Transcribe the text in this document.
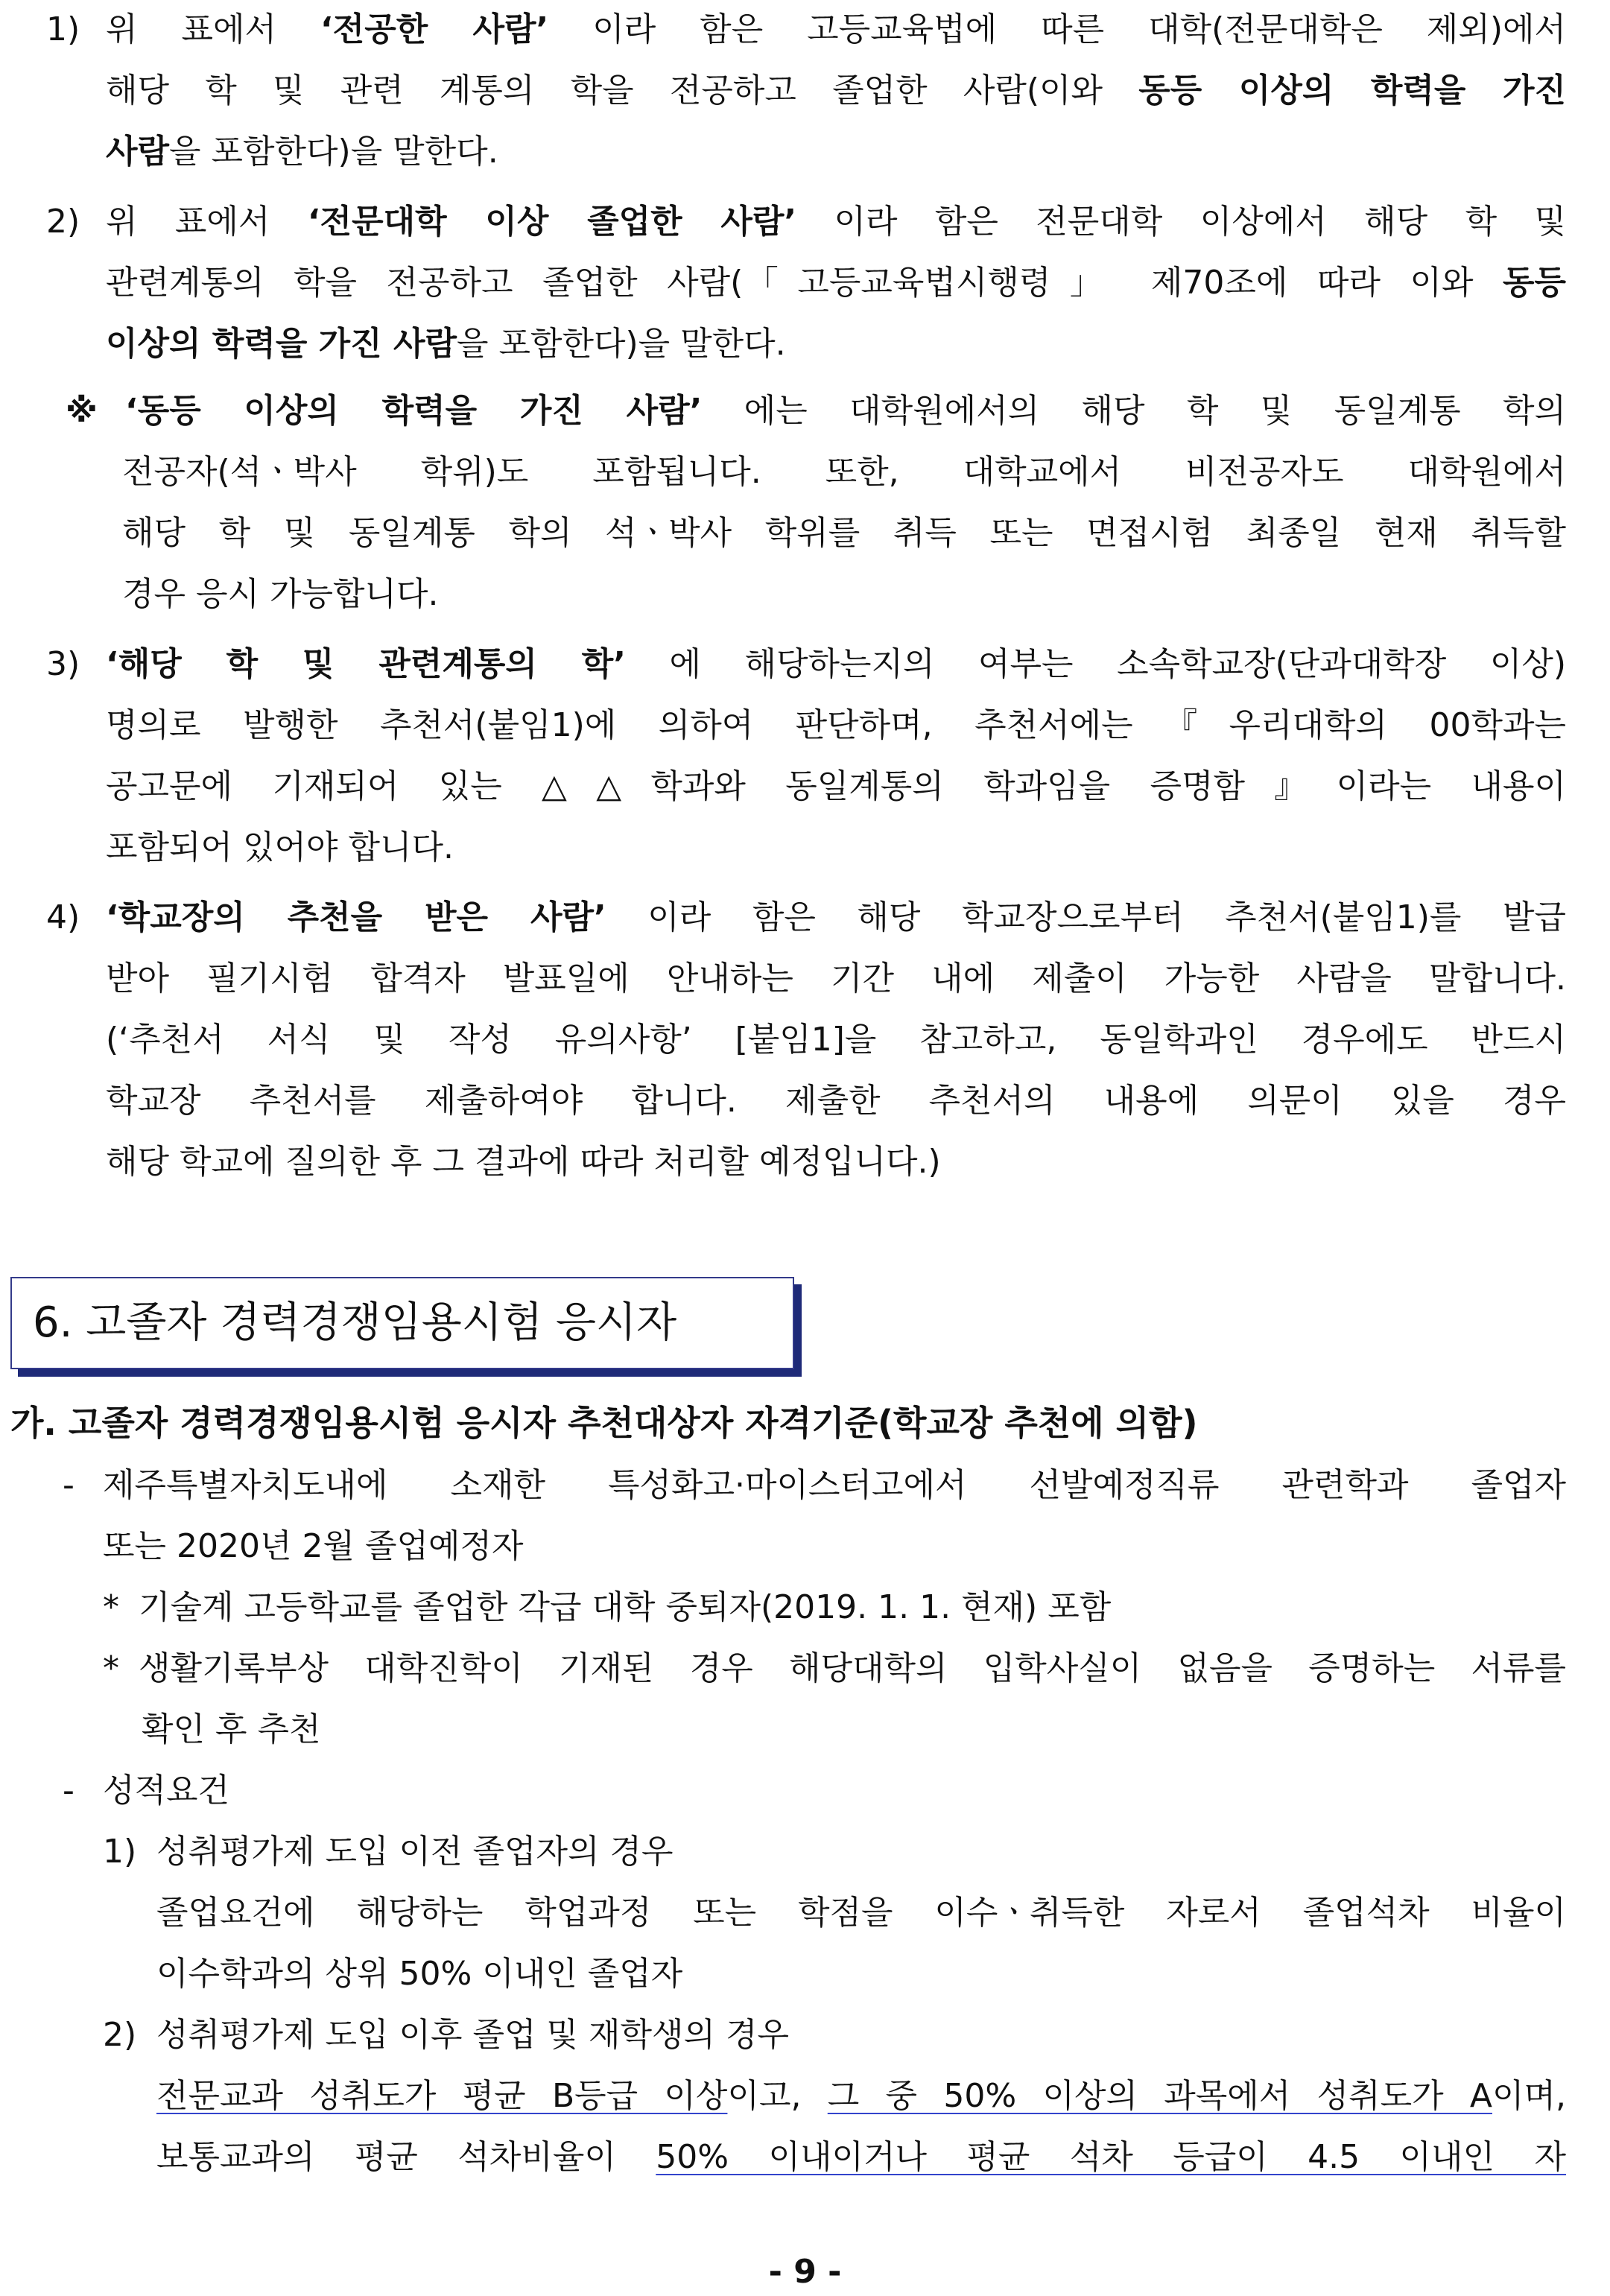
1) 위 표에서 ‘전공한 사람’ 이라 함은 고등교육법에 따른 대학(전문대학은 제외)에서
해당 학 및 관련 계통의 학을 전공하고 졸업한 사람(이와 동등 이상의 학력을 가진
사람을 포함한다)을 말한다.
2) 위 표에서 ‘전문대학 이상 졸업한 사람’ 이라 함은 전문대학 이상에서 해당 학 및
관련계통의 학을 전공하고 졸업한 사람(「고등교육법시행령」 제70조에 따라 이와 동등
이상의 학력을 가진 사람을 포함한다)을 말한다.
※ ‘동등 이상의 학력을 가진 사람’ 에는 대학원에서의 해당 학 및 동일계통 학의
전공자(석ㆍ박사 학위)도 포함됩니다. 또한, 대학교에서 비전공자도 대학원에서
해당 학 및 동일계통 학의 석ㆍ박사 학위를 취득 또는 면접시험 최종일 현재 취득할
경우 응시 가능합니다.
3) ‘해당 학 및 관련계통의 학’ 에 해당하는지의 여부는 소속학교장(단과대학장 이상)
명의로 발행한 추천서(붙임1)에 의하여 판단하며, 추천서에는『우리대학의 00학과는
공고문에 기재되어 있는 △△학과와 동일계통의 학과임을 증명함』이라는 내용이
포함되어 있어야 합니다.
4) ‘학교장의 추천을 받은 사람’ 이라 함은 해당 학교장으로부터 추천서(붙임1)를 발급
받아 필기시험 합격자 발표일에 안내하는 기간 내에 제출이 가능한 사람을 말합니다.
(‘추천서 서식 및 작성 유의사항’ [붙임1]을 참고하고, 동일학과인 경우에도 반드시
학교장 추천서를 제출하여야 합니다. 제출한 추천서의 내용에 의문이 있을 경우
해당 학교에 질의한 후 그 결과에 따라 처리할 예정입니다.)
6. 고졸자 경력경쟁임용시험 응시자
가. 고졸자 경력경쟁임용시험 응시자 추천대상자 자격기준(학교장 추천에 의함)
- 제주특별자치도내에 소재한 특성화고·마이스터고에서 선발예정직류 관련학과 졸업자
또는 2020년 2월 졸업예정자
* 기술계 고등학교를 졸업한 각급 대학 중퇴자(2019. 1. 1. 현재) 포함
* 생활기록부상 대학진학이 기재된 경우 해당대학의 입학사실이 없음을 증명하는 서류를
확인 후 추천
- 성적요건
1) 성취평가제 도입 이전 졸업자의 경우
졸업요건에 해당하는 학업과정 또는 학점을 이수ㆍ취득한 자로서 졸업석차 비율이
이수학과의 상위 50% 이내인 졸업자
2) 성취평가제 도입 이후 졸업 및 재학생의 경우
전문교과 성취도가 평균 B등급 이상이고, 그 중 50% 이상의 과목에서 성취도가 A이며,
보통교과의 평균 석차비율이 50% 이내이거나 평균 석차 등급이 4.5 이내인 자
- 9 -
